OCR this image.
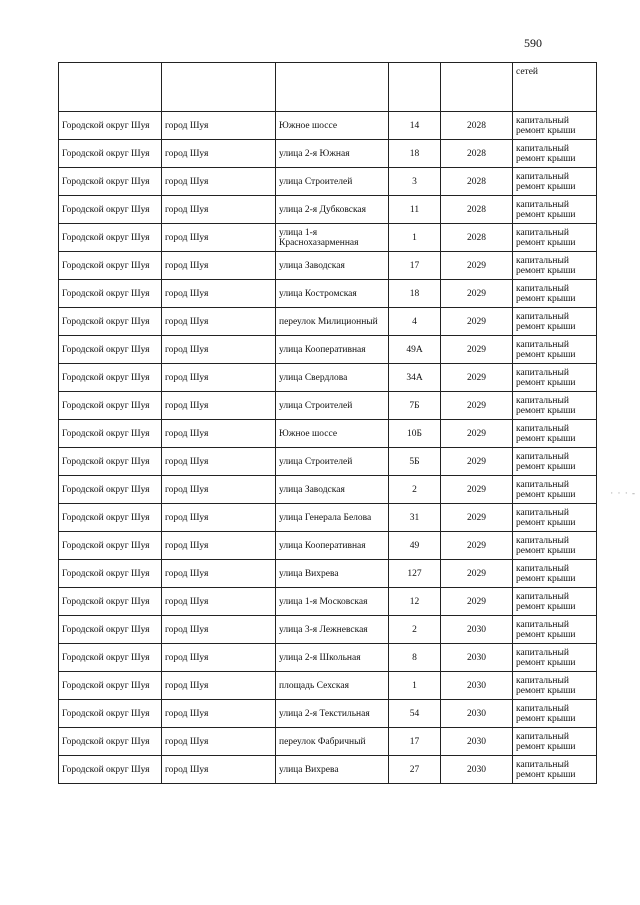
590
					сетей
Городской округ Шуя	город Шуя	Южное шоссе	14	2028	капитальный ремонт крыши
Городской округ Шуя	город Шуя	улица 2-я Южная	18	2028	капитальный ремонт крыши
Городской округ Шуя	город Шуя	улица Строителей	3	2028	капитальный ремонт крыши
Городской округ Шуя	город Шуя	улица 2-я Дубковская	11	2028	капитальный ремонт крыши
Городской округ Шуя	город Шуя	улица 1-я Краснохазарменная	1	2028	капитальный ремонт крыши
Городской округ Шуя	город Шуя	улица Заводская	17	2029	капитальный ремонт крыши
Городской округ Шуя	город Шуя	улица Костромская	18	2029	капитальный ремонт крыши
Городской округ Шуя	город Шуя	переулок Милиционный	4	2029	капитальный ремонт крыши
Городской округ Шуя	город Шуя	улица Кооперативная	49А	2029	капитальный ремонт крыши
Городской округ Шуя	город Шуя	улица Свердлова	34А	2029	капитальный ремонт крыши
Городской округ Шуя	город Шуя	улица Строителей	7Б	2029	капитальный ремонт крыши
Городской округ Шуя	город Шуя	Южное шоссе	10Б	2029	капитальный ремонт крыши
Городской округ Шуя	город Шуя	улица Строителей	5Б	2029	капитальный ремонт крыши
Городской округ Шуя	город Шуя	улица Заводская	2	2029	капитальный ремонт крыши
Городской округ Шуя	город Шуя	улица Генерала Белова	31	2029	капитальный ремонт крыши
Городской округ Шуя	город Шуя	улица Кооперативная	49	2029	капитальный ремонт крыши
Городской округ Шуя	город Шуя	улица Вихрева	127	2029	капитальный ремонт крыши
Городской округ Шуя	город Шуя	улица 1-я Московская	12	2029	капитальный ремонт крыши
Городской округ Шуя	город Шуя	улица 3-я Лежневская	2	2030	капитальный ремонт крыши
Городской округ Шуя	город Шуя	улица 2-я Школьная	8	2030	капитальный ремонт крыши
Городской округ Шуя	город Шуя	площадь Сехская	1	2030	капитальный ремонт крыши
Городской округ Шуя	город Шуя	улица 2-я Текстильная	54	2030	капитальный ремонт крыши
Городской округ Шуя	город Шуя	переулок Фабричный	17	2030	капитальный ремонт крыши
Городской округ Шуя	город Шуя	улица Вихрева	27	2030	капитальный ремонт крыши
· · · -
